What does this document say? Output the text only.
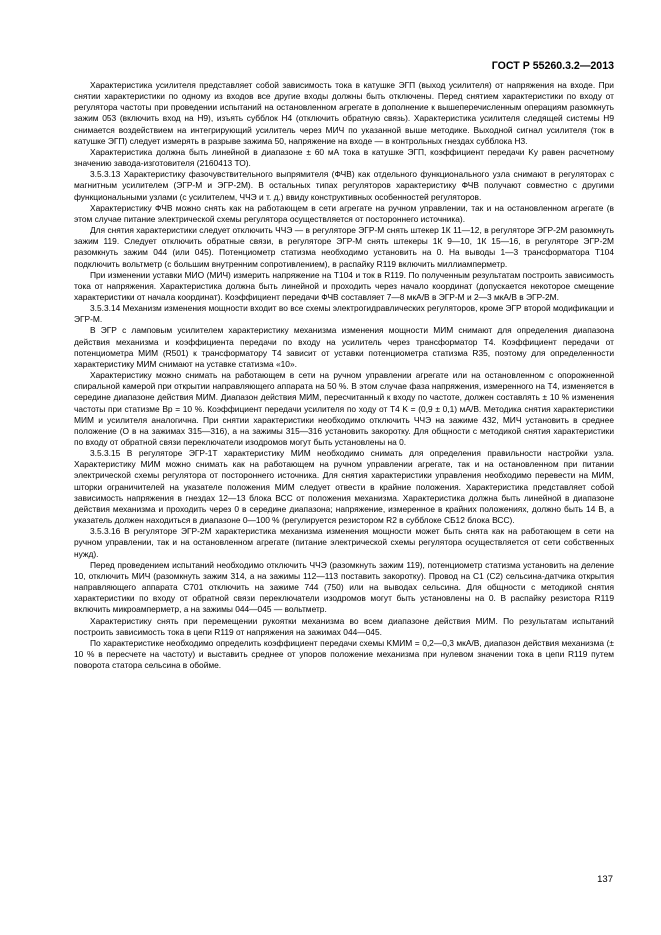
ГОСТ Р 55260.3.2—2013

Характеристика усилителя представляет собой зависимость тока в катушке ЭГП (выход усилителя) от напряжения на входе. При снятии характеристики по одному из входов все другие входы должны быть отключены. Перед снятием характеристики по входу от регулятора частоты при проведении испытаний на остановленном агрегате в дополнение к вышеперечисленным операциям разомкнуть зажим 053 (включить вход на Н9), изъять субблок Н4 (отключить обратную связь). Характеристика усилителя следящей системы Н9 снимается воздействием на интегрирующий усилитель через МИЧ по указанной выше методике. Выходной сигнал усилителя (ток в катушке ЭГП) следует измерять в разрыве зажима 50, напряжение на входе — в контрольных гнездах субблока Н3.

Характеристика должна быть линейной в диапазоне ± 60 мА тока в катушке ЭГП, коэффициент передачи Ky равен расчетному значению завода-изготовителя (2160413 ТО).

3.5.3.13 Характеристику фазочувствительного выпрямителя (ФЧВ) как отдельного функционального узла снимают в регуляторах с магнитным усилителем (ЭГР-М и ЭГР-2М). В остальных типах регуляторов характеристику ФЧВ получают совместно с другими функциональными узлами (с усилителем, ЧЧЭ и т. д.) ввиду конструктивных особенностей регуляторов.

Характеристику ФЧВ можно снять как на работающем в сети агрегате на ручном управлении, так и на остановленном агрегате (в этом случае питание электрической схемы регулятора осуществляется от постороннего источника).

Для снятия характеристики следует отключить ЧЧЭ — в регуляторе ЭГР-М снять штекер 1К 11—12, в регуляторе ЭГР-2М разомкнуть зажим 119. Следует отключить обратные связи, в регуляторе ЭГР-М снять штекеры 1К 9—10, 1К 15—16, в регуляторе ЭГР-2М разомкнуть зажим 044 (или 045). Потенциометр статизма необходимо установить на 0. На выводы 1—3 трансформатора Т104 подключить вольтметр (с большим внутренним сопротивлением), в распайку R119 включить миллиамперметр.

При изменении уставки МИО (МИЧ) измерить напряжение на Т104 и ток в R119. По полученным результатам построить зависимость тока от напряжения. Характеристика должна быть линейной и проходить через начало координат (допускается некоторое смещение характеристики от начала координат). Коэффициент передачи ФЧВ составляет 7—8 мкА/В в ЭГР-М и 2—3 мкА/В в ЭГР-2М.

3.5.3.14 Механизм изменения мощности входит во все схемы электрогидравлических регуляторов, кроме ЭГР второй модификации и ЭГР-М.

В ЭГР с ламповым усилителем характеристику механизма изменения мощности МИМ снимают для определения диапазона действия механизма и коэффициента передачи по входу на усилитель через трансформатор Т4. Коэффициент передачи от потенциометра МИМ (R501) к трансформатору Т4 зависит от уставки потенциометра статизма R35, поэтому для определенности характеристику МИМ снимают на уставке статизма «10».

Характеристику можно снимать на работающем в сети на ручном управлении агрегате или на остановленном с опорожненной спиральной камерой при открытии направляющего аппарата на 50 %. В этом случае фаза напряжения, измеренного на Т4, изменяется в середине диапазоне действия МИМ. Диапазон действия МИМ, пересчитанный к входу по частоте, должен составлять ± 10 % изменения частоты при статизме Bp = 10 %. Коэффициент передачи усилителя по ходу от Т4 K = (0,9 ± 0,1) мА/В. Методика снятия характеристики МИМ и усилителя аналогична. При снятии характеристики необходимо отключить ЧЧЭ на зажиме 432, МИЧ установить в среднее положение (О в на зажимах 315—316), а на зажимы 315—316 установить закоротку. Для общности с методикой снятия характеристики по входу от обратной связи переключатели изодромов могут быть установлены на 0.

3.5.3.15 В регуляторе ЭГР-1Т характеристику МИМ необходимо снимать для определения правильности настройки узла. Характеристику МИМ можно снимать как на работающем на ручном управлении агрегате, так и на остановленном при питании электрической схемы регулятора от постороннего источника. Для снятия характеристики управления необходимо перевести на МИМ, шторки ограничителей на указателе положения МИМ следует отвести в крайние положения. Характеристика представляет собой зависимость напряжения в гнездах 12—13 блока ВСС от положения механизма. Характеристика должна быть линейной в диапазоне действия механизма и проходить через 0 в середине диапазона; напряжение, измеренное в крайних положениях, должно быть 14 В, а указатель должен находиться в диапазоне 0—100 % (регулируется резистором R2 в субблоке СБ12 блока ВСС).

3.5.3.16 В регуляторе ЭГР-2М характеристика механизма изменения мощности может быть снята как на работающем в сети на ручном управлении, так и на остановленном агрегате (питание электрической схемы регулятора осуществляется от сети собственных нужд).

Перед проведением испытаний необходимо отключить ЧЧЭ (разомкнуть зажим 119), потенциометр статизма установить на деление 10, отключить МИЧ (разомкнуть зажим 314, а на зажимы 112—113 поставить закоротку). Провод на С1 (С2) сельсина-датчика открытия направляющего аппарата С701 отключить на зажиме 744 (750) или на выводах сельсина. Для общности с методикой снятия характеристики по входу от обратной связи переключатели изодромов могут быть установлены на 0. В распайку резистора R119 включить микроамперметр, а на зажимы 044—045 — вольтметр.

Характеристику снять при перемещении рукоятки механизма во всем диапазоне действия МИМ. По результатам испытаний построить зависимость тока в цепи R119 от напряжения на зажимах 044—045.

По характеристике необходимо определить коэффициент передачи схемы KМИМ = 0,2—0,3 мкА/В, диапазон действия механизма (± 10 % в пересчете на частоту) и выставить среднее от упоров положение механизма при нулевом значении тока в цепи R119 путем поворота статора сельсина в обойме.

137
